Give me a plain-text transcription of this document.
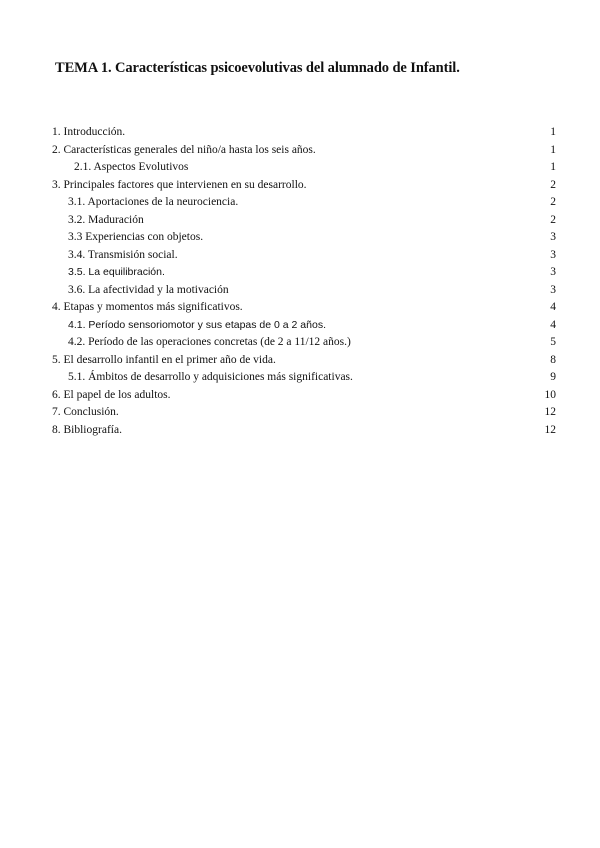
TEMA 1. Características psicoevolutivas del alumnado de Infantil.
1. Introducción.	1
2. Características generales del niño/a hasta los seis años.	1
2.1. Aspectos Evolutivos	1
3. Principales factores que intervienen en su desarrollo.	2
3.1. Aportaciones de la neurociencia.	2
3.2. Maduración	2
3.3 Experiencias con objetos.	3
3.4. Transmisión social.	3
3.5. La equilibración.	3
3.6. La afectividad y la motivación	3
4. Etapas y momentos más significativos.	4
4.1. Período sensoriomotor y sus etapas de 0 a 2 años.	4
4.2. Período de las operaciones concretas (de 2 a 11/12 años.)	5
5. El desarrollo infantil en el primer año de vida.	8
5.1. Ámbitos de desarrollo y adquisiciones más significativas.	9
6. El papel de los adultos.	10
7. Conclusión.	12
8. Bibliografía.	12
